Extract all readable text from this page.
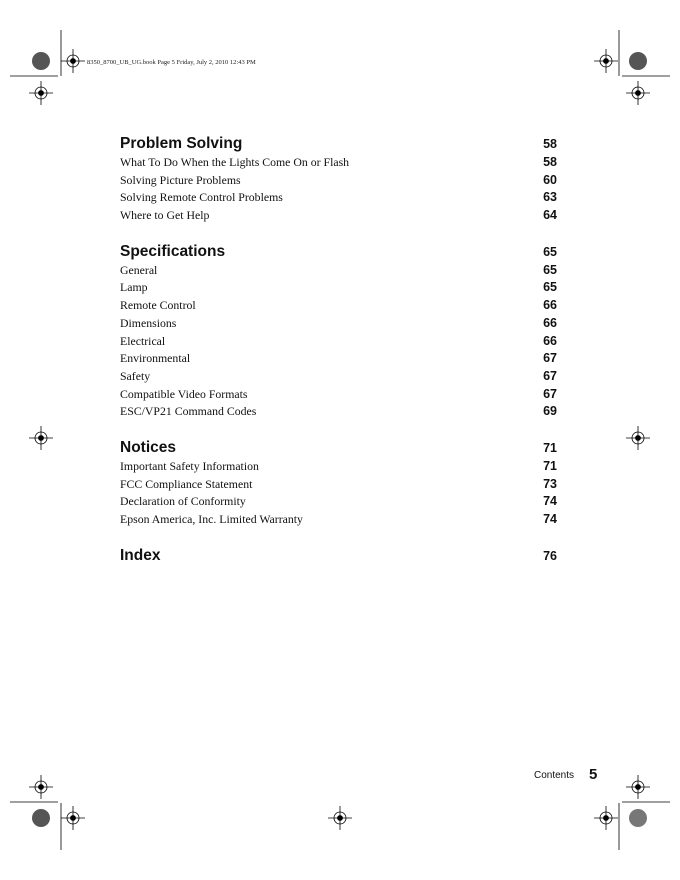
8350_8700_UB_UG.book Page 5 Friday, July 2, 2010 12:43 PM
Problem Solving	58
What To Do When the Lights Come On or Flash	58
Solving Picture Problems	60
Solving Remote Control Problems	63
Where to Get Help	64
Specifications	65
General	65
Lamp	65
Remote Control	66
Dimensions	66
Electrical	66
Environmental	67
Safety	67
Compatible Video Formats	67
ESC/VP21 Command Codes	69
Notices	71
Important Safety Information	71
FCC Compliance Statement	73
Declaration of Conformity	74
Epson America, Inc. Limited Warranty	74
Index	76
Contents 5
